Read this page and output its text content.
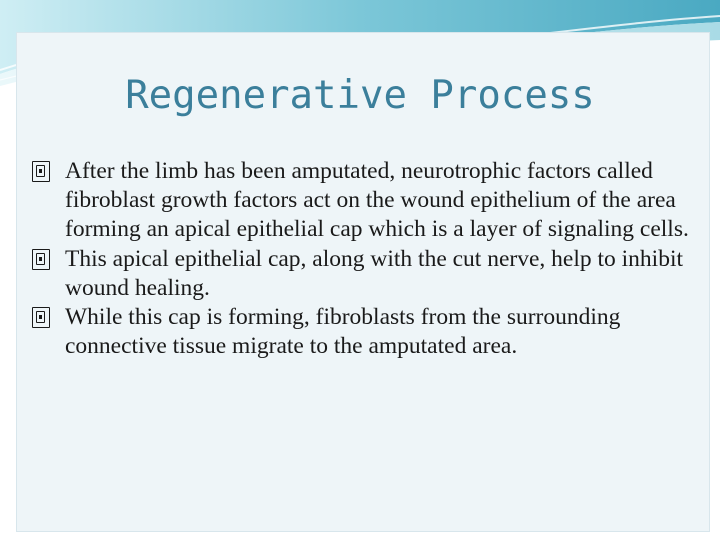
Regenerative Process
After the limb has been amputated, neurotrophic factors called fibroblast growth factors act on the wound epithelium of the area forming an apical epithelial cap which is a layer of signaling cells.
This apical epithelial cap, along with the cut nerve, help to inhibit wound healing.
While this cap is forming, fibroblasts from the surrounding connective tissue migrate to the amputated area.
